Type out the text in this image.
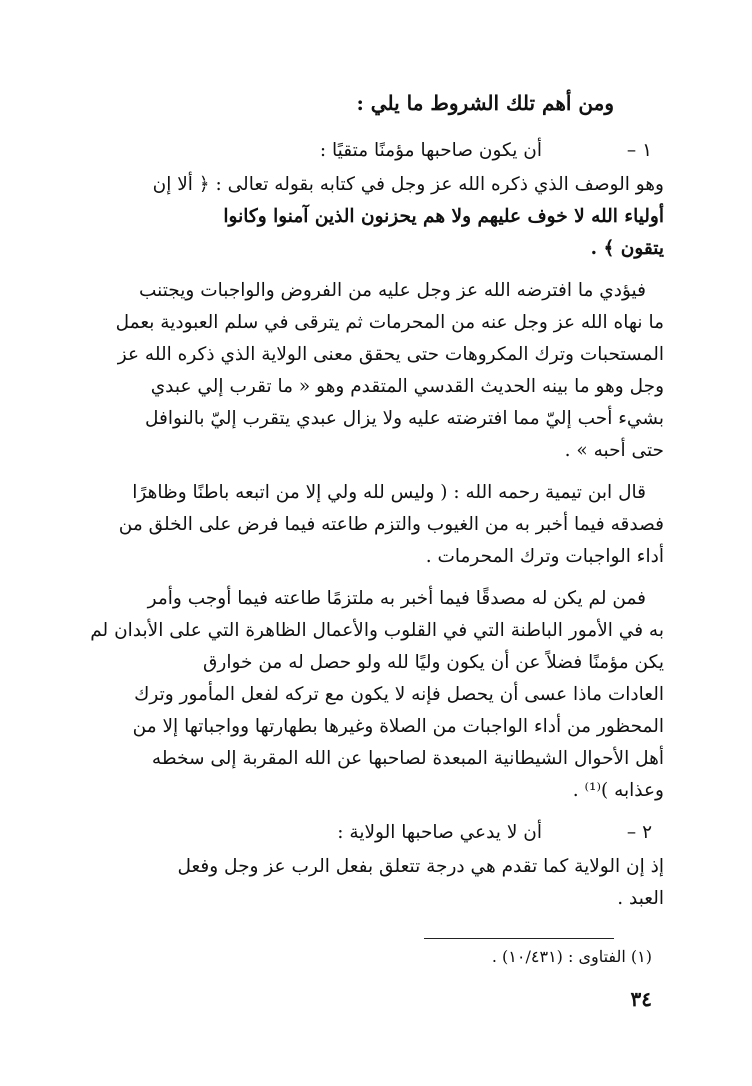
ومن أهم تلك الشروط ما يلي :
١ –
أن يكون صاحبها مؤمنًا متقيًا :
وهو الوصف الذي ذكره الله عز وجل في كتابه بقوله تعالى : ﴿ ألا إن
أولياء الله لا خوف عليهم ولا هم يحزنون الذين آمنوا وكانوا
يتقون ﴾ .
فيؤدي ما افترضه الله عز وجل عليه من الفروض والواجبات ويجتنب
ما نهاه الله عز وجل عنه من المحرمات ثم يترقى في سلم العبودية بعمل
المستحبات وترك المكروهات حتى يحقق معنى الولاية الذي ذكره الله عز
وجل وهو ما بينه الحديث القدسي المتقدم وهو « ما تقرب إلي عبدي
بشيء أحب إليّ مما افترضته عليه ولا يزال عبدي يتقرب إليّ بالنوافل
حتى أحبه » .
قال ابن تيمية رحمه الله : ( وليس لله ولي إلا من اتبعه باطنًا وظاهرًا
فصدقه فيما أخبر به من الغيوب والتزم طاعته فيما فرض على الخلق من
أداء الواجبات وترك المحرمات .
فمن لم يكن له مصدقًا فيما أخبر به ملتزمًا طاعته فيما أوجب وأمر
به في الأمور الباطنة التي في القلوب والأعمال الظاهرة التي على الأبدان لم
يكن مؤمنًا فضلاً عن أن يكون وليًا لله ولو حصل له من خوارق
العادات ماذا عسى أن يحصل فإنه لا يكون مع تركه لفعل المأمور وترك
المحظور من أداء الواجبات من الصلاة وغيرها بطهارتها وواجباتها إلا من
أهل الأحوال الشيطانية المبعدة لصاحبها عن الله المقربة إلى سخطه
وعذابه )⁽¹⁾ .
٢ –
أن لا يدعي صاحبها الولاية :
إذ إن الولاية كما تقدم هي درجة تتعلق بفعل الرب عز وجل وفعل
العبد .
(١) الفتاوى : (١٠/٤٣١) .
٣٤
